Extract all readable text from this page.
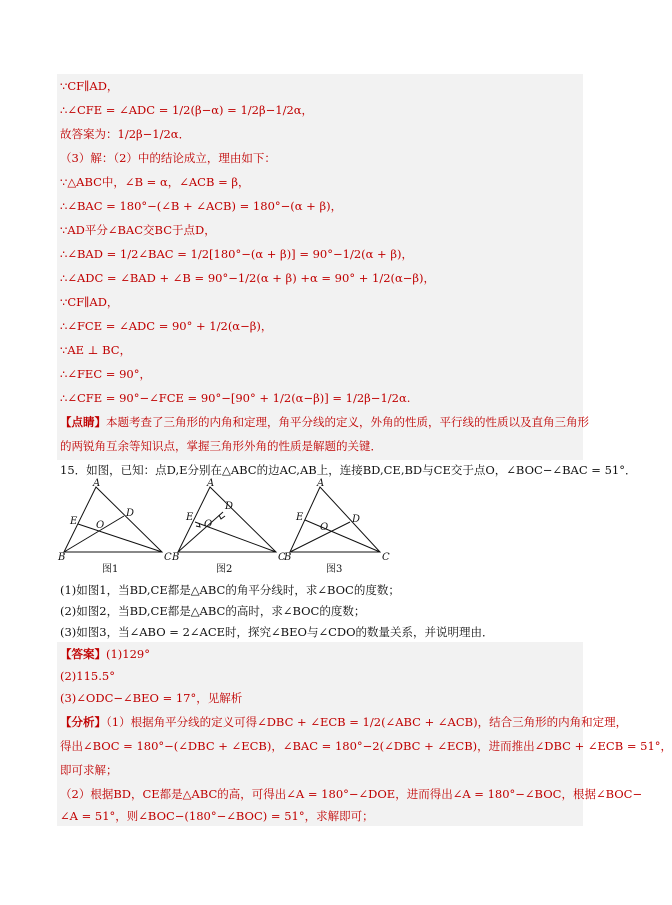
∵CF∥AD，
∴∠CFE = ∠ADC = 1/2(β−α) = 1/2β−1/2α，
故答案为：1/2β−1/2α．
（3）解：（2）中的结论成立，理由如下：
∵△ABC中，∠B = α，∠ACB = β，
∴∠BAC = 180°−(∠B + ∠ACB) = 180°−(α + β)，
∵AD平分∠BAC交BC于点D，
∴∠BAD = 1/2∠BAC = 1/2[180°−(α + β)] = 90°−1/2(α + β)，
∴∠ADC = ∠BAD + ∠B = 90°−1/2(α + β) +α = 90° + 1/2(α−β)，
∵CF∥AD，
∴∠FCE = ∠ADC = 90° + 1/2(α−β)，
∵AE ⊥ BC，
∴∠FEC = 90°，
∴∠CFE = 90°−∠FCE = 90°−[90° + 1/2(α−β)] = 1/2β−1/2α.
【点睛】本题考查了三角形的内角和定理，角平分线的定义，外角的性质，平行线的性质以及直角三角形
的两锐角互余等知识点，掌握三角形外角的性质是解题的关键．
15．如图，已知：点D,E分别在△ABC的边AC,AB上，连接BD,CE,BD与CE交于点O，∠BOC−∠BAC = 51°．
A
B	C
D
E O
图1
A
B	C
D
E
O
图2
A
B	C
D
E
O
图3
(1)如图1，当BD,CE都是△ABC的角平分线时，求∠BOC的度数；
(2)如图2，当BD,CE都是△ABC的高时，求∠BOC的度数；
(3)如图3，当∠ABO = 2∠ACE时，探究∠BEO与∠CDO的数量关系，并说明理由．
【答案】(1)129°
(2)115.5°
(3)∠ODC−∠BEO = 17°，见解析
【分析】（1）根据角平分线的定义可得∠DBC + ∠ECB = 1/2(∠ABC + ∠ACB)，结合三角形的内角和定理，
得出∠BOC = 180°−(∠DBC + ∠ECB)，∠BAC = 180°−2(∠DBC + ∠ECB)，进而推出∠DBC + ∠ECB = 51°，
即可求解；
（2）根据BD，CE都是△ABC的高，可得出∠A = 180°−∠DOE，进而得出∠A = 180°−∠BOC，根据∠BOC−
∠A = 51°，则∠BOC−(180°−∠BOC) = 51°，求解即可；
